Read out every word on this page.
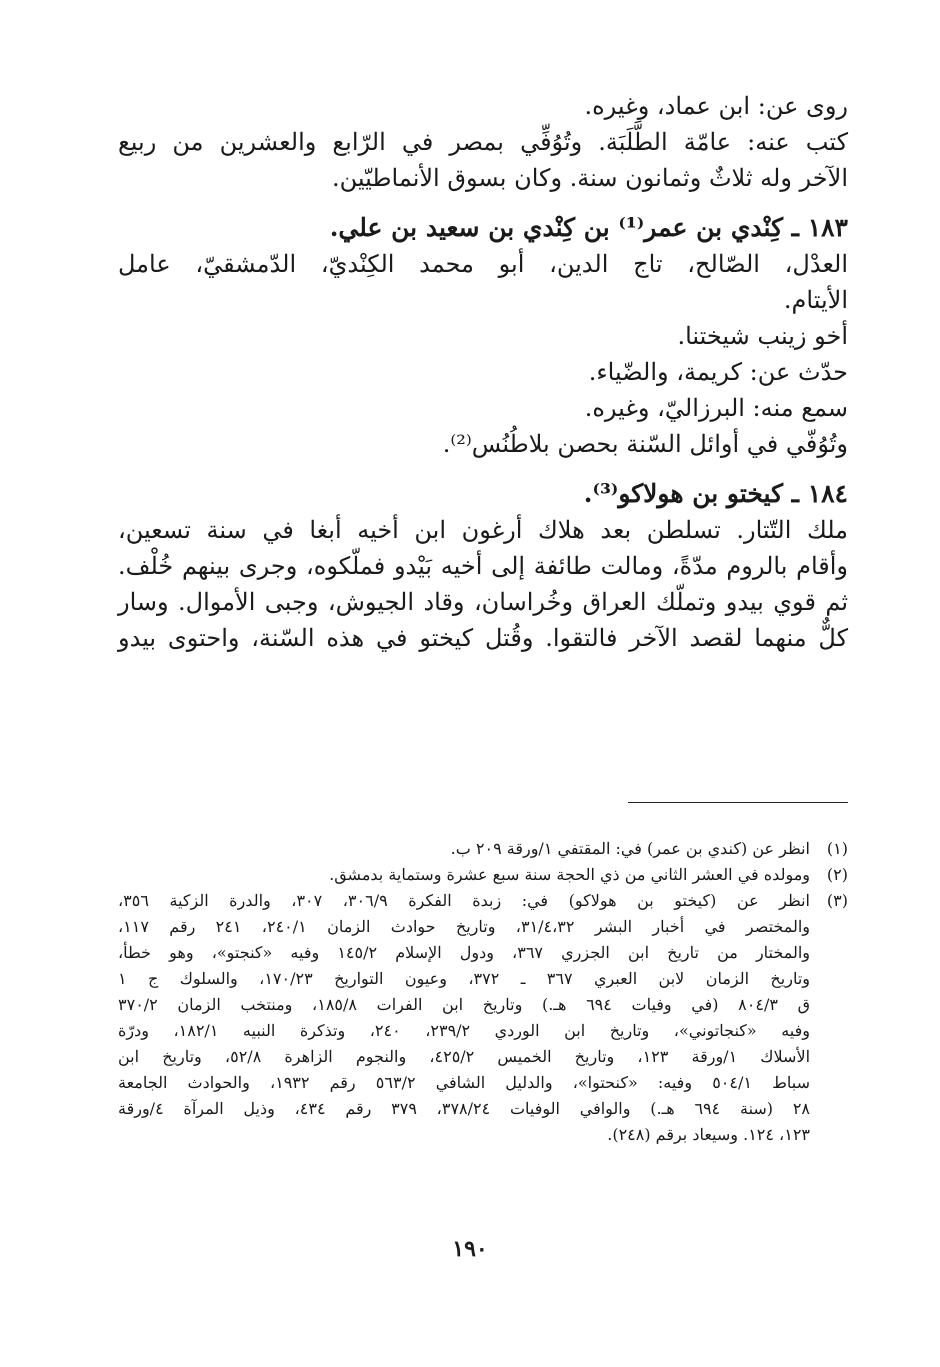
روى عن: ابن عماد، وغيره.
كتب عنه: عامّة الطَّلَبَة. وتُوُفِّي بمصر في الرّابع والعشرين من ربيع
الآخر وله ثلاثٌ وثمانون سنة. وكان بسوق الأنماطيّين.
١٨٣ ـ كِنْدي بن عمر⁽¹⁾ بن كِنْدي بن سعيد بن علي.
العدْل، الصّالح، تاج الدين، أبو محمد الكِنْديّ، الدّمشقيّ، عامل
الأيتام.
أخو زينب شيختنا.
حدّث عن: كريمة، والضّياء.
سمع منه: البرزاليّ، وغيره.
وتُوُفّي في أوائل السّنة بحصن بلاطُنُس⁽²⁾.
١٨٤ ـ كيختو بن هولاكو⁽³⁾.
ملك التّتار. تسلطن بعد هلاك أرغون ابن أخيه أبغا في سنة تسعين،
وأقام بالروم مدّةً، ومالت طائفة إلى أخيه بَيْدو فملّكوه، وجرى بينهم خُلْف.
ثم قوي بيدو وتملّك العراق وخُراسان، وقاد الجيوش، وجبى الأموال. وسار
كلٌّ منهما لقصد الآخر فالتقوا. وقُتل كيختو في هذه السّنة، واحتوى بيدو
(١)
انظر عن (كندي بن عمر) في: المقتفي ١/ورقة ٢٠٩ ب.
(٢)
ومولده في العشر الثاني من ذي الحجة سنة سبع عشرة وستماية بدمشق.
(٣)
انظر عن (كيختو بن هولاكو) في: زبدة الفكرة ٣٠٦/٩، ٣٠٧، والدرة الزكية ٣٥٦،
والمختصر في أخبار البشر ٣١/٤،٣٢، وتاريخ حوادث الزمان ٢٤٠/١، ٢٤١ رقم ١١٧،
والمختار من تاريخ ابن الجزري ٣٦٧، ودول الإسلام ١٤٥/٢ وفيه «كنجتو»، وهو خطأ،
وتاريخ الزمان لابن العبري ٣٦٧ ـ ٣٧٢، وعيون التواريخ ١٧٠/٢٣، والسلوك ج ١
ق ٨٠٤/٣ (في وفيات ٦٩٤ هـ.) وتاريخ ابن الفرات ١٨٥/٨، ومنتخب الزمان ٣٧٠/٢
وفيه «كنجاتوني»، وتاريخ ابن الوردي ٢٣٩/٢، ٢٤٠، وتذكرة النبيه ١٨٢/١، ودرّة
الأسلاك ١/ورقة ١٢٣، وتاريخ الخميس ٤٢٥/٢، والنجوم الزاهرة ٥٢/٨، وتاريخ ابن
سباط ٥٠٤/١ وفيه: «كنحتوا»، والدليل الشافي ٥٦٣/٢ رقم ١٩٣٢، والحوادث الجامعة
٢٨ (سنة ٦٩٤ هـ.) والوافي الوفيات ٣٧٨/٢٤، ٣٧٩ رقم ٤٣٤، وذيل المرآة ٤/ورقة
١٢٣، ١٢٤. وسيعاد برقم (٢٤٨).
١٩٠
